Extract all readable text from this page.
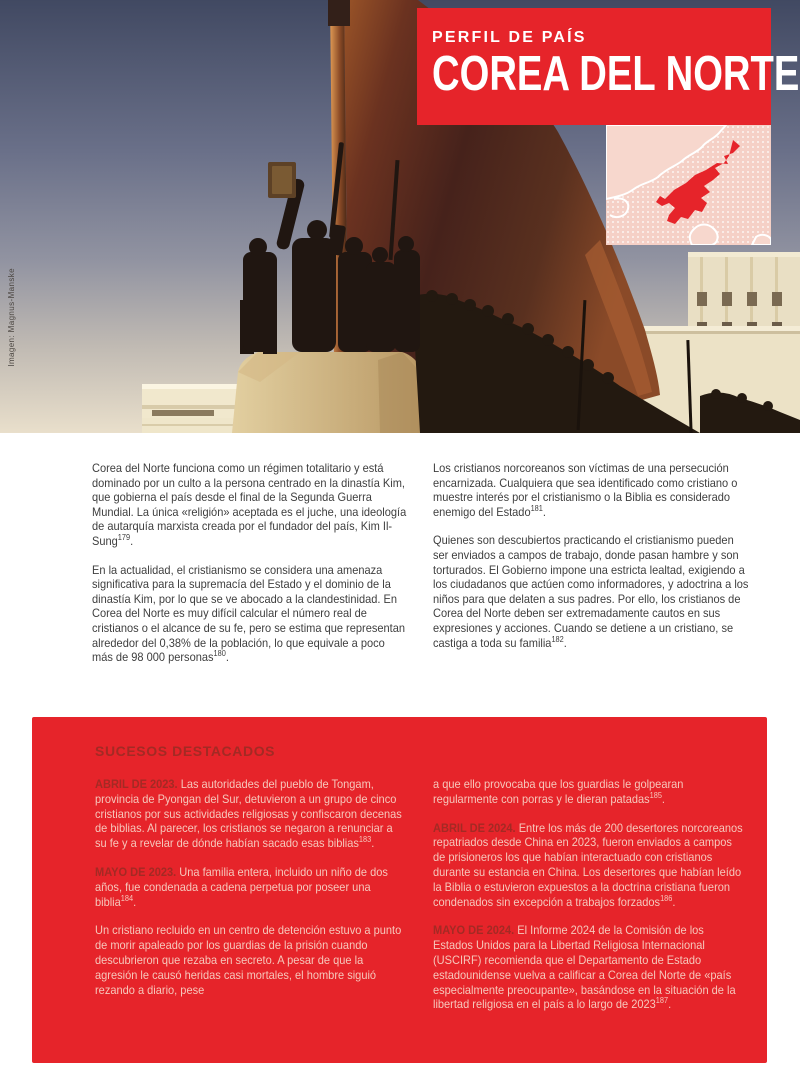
Imagen: Magnus-Manske
PERFIL DE PAÍS
COREA DEL NORTE

Corea del Norte funciona como un régimen totalitario y está dominado por un culto a la persona centrado en la dinastía Kim, que gobierna el país desde el final de la Segunda Guerra Mundial. La única «religión» aceptada es el juche, una ideología de autarquía marxista creada por el fundador del país, Kim Il-Sung$^{179}$.

En la actualidad, el cristianismo se considera una amenaza significativa para la supremacía del Estado y el dominio de la dinastía Kim, por lo que se ve abocado a la clandestinidad. En Corea del Norte es muy difícil calcular el número real de cristianos o el alcance de su fe, pero se estima que representan alrededor del 0,38% de la población, lo que equivale a poco más de 98 000 personas$^{180}$.

Los cristianos norcoreanos son víctimas de una persecución encarnizada. Cualquiera que sea identificado como cristiano o muestre interés por el cristianismo o la Biblia es considerado enemigo del Estado$^{181}$.

Quienes son descubiertos practicando el cristianismo pueden ser enviados a campos de trabajo, donde pasan hambre y son torturados. El Gobierno impone una estricta lealtad, exigiendo a los ciudadanos que actúen como informadores, y adoctrina a los niños para que delaten a sus padres. Por ello, los cristianos de Corea del Norte deben ser extremadamente cautos en sus expresiones y acciones. Cuando se detiene a un cristiano, se castiga a toda su familia$^{182}$.

SUCESOS DESTACADOS

ABRIL DE 2023. Las autoridades del pueblo de Tongam, provincia de Pyongan del Sur, detuvieron a un grupo de cinco cristianos por sus actividades religiosas y confiscaron decenas de biblias. Al parecer, los cristianos se negaron a renunciar a su fe y a revelar de dónde habían sacado esas biblias$^{183}$.

MAYO DE 2023. Una familia entera, incluido un niño de dos años, fue condenada a cadena perpetua por poseer una biblia$^{184}$.

Un cristiano recluido en un centro de detención estuvo a punto de morir apaleado por los guardias de la prisión cuando descubrieron que rezaba en secreto. A pesar de que la agresión le causó heridas casi mortales, el hombre siguió rezando a diario, pese

a que ello provocaba que los guardias le golpearan regularmente con porras y le dieran patadas$^{185}$.

ABRIL DE 2024. Entre los más de 200 desertores norcoreanos repatriados desde China en 2023, fueron enviados a campos de prisioneros los que habían interactuado con cristianos durante su estancia en China. Los desertores que habían leído la Biblia o estuvieron expuestos a la doctrina cristiana fueron condenados sin excepción a trabajos forzados$^{186}$.

MAYO DE 2024. El Informe 2024 de la Comisión de los Estados Unidos para la Libertad Religiosa Internacional (USCIRF) recomienda que el Departamento de Estado estadounidense vuelva a calificar a Corea del Norte de «país especialmente preocupante», basándose en la situación de la libertad religiosa en el país a lo largo de 2023$^{187}$.
